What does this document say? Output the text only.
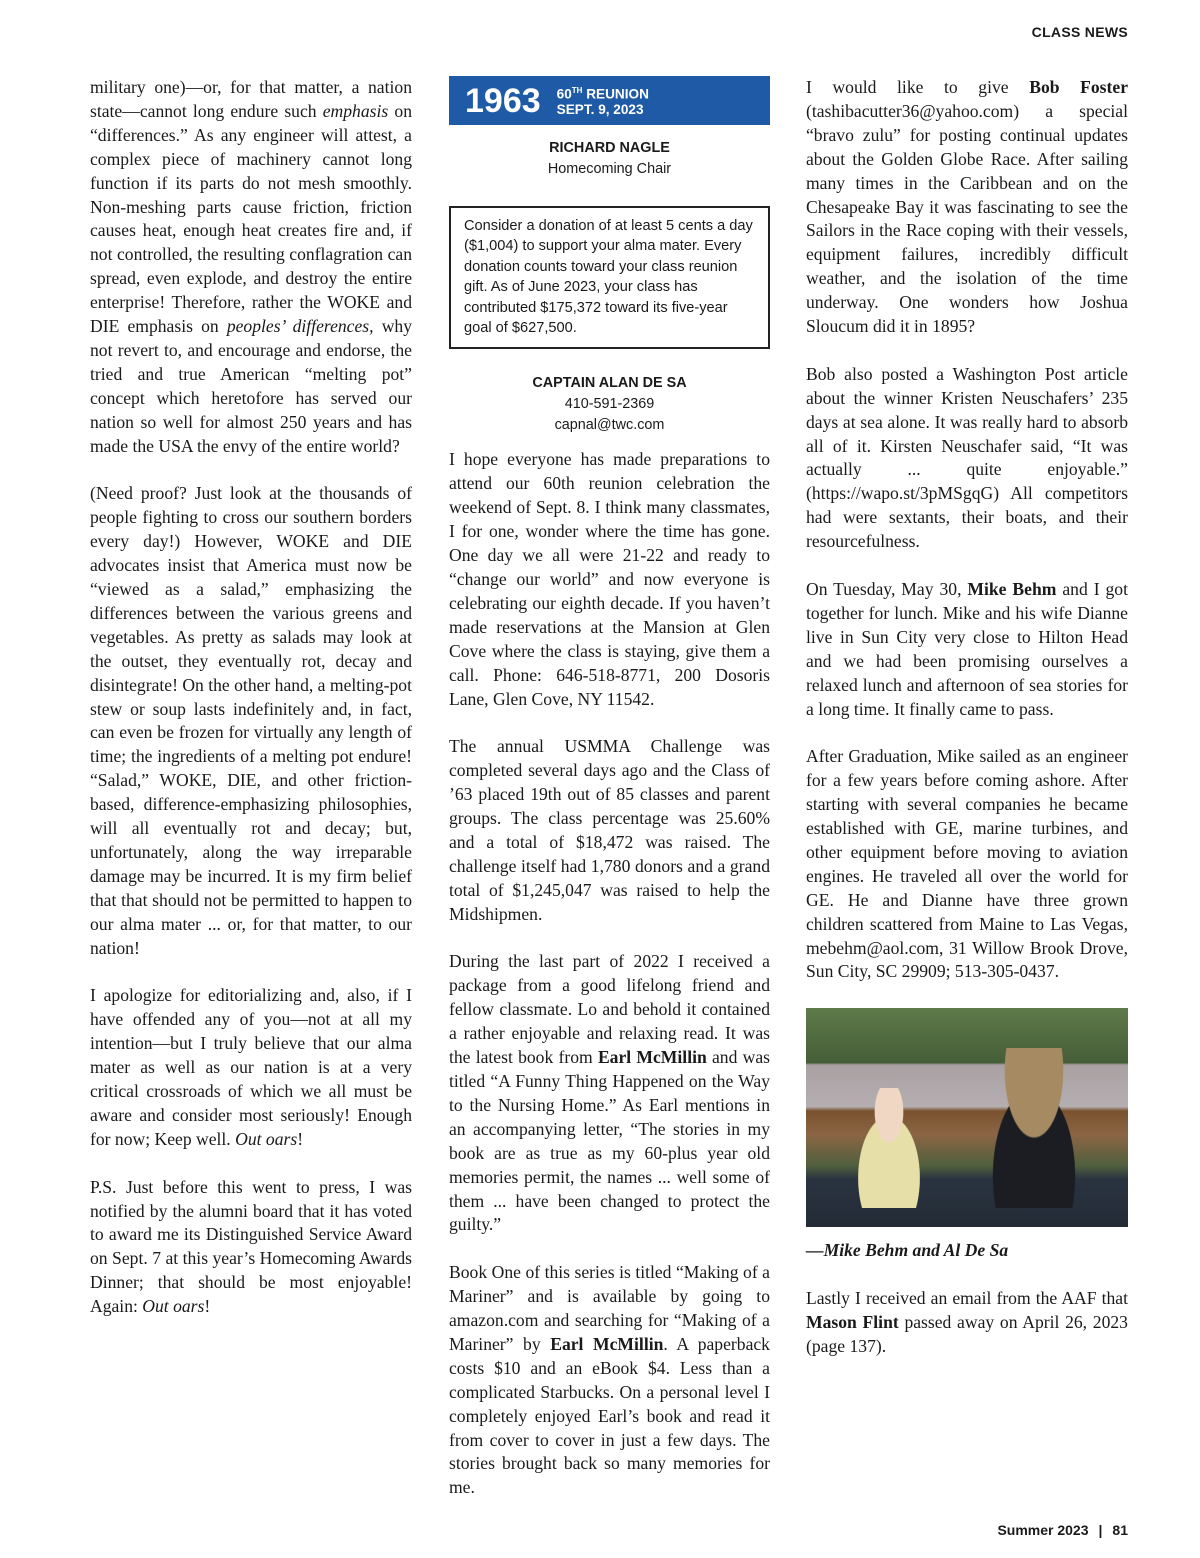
CLASS NEWS

military one)—or, for that matter, a nation state—cannot long endure such emphasis on “differences.” As any engineer will attest, a complex piece of machinery cannot long function if its parts do not mesh smoothly. Non-meshing parts cause friction, friction causes heat, enough heat creates fire and, if not controlled, the resulting conflagration can spread, even explode, and destroy the entire enterprise! Therefore, rather the WOKE and DIE emphasis on peoples’ differences, why not revert to, and encourage and endorse, the tried and true American “melting pot” concept which heretofore has served our nation so well for almost 250 years and has made the USA the envy of the entire world?

(Need proof? Just look at the thousands of people fighting to cross our southern borders every day!) However, WOKE and DIE advocates insist that America must now be “viewed as a salad,” emphasizing the differences between the various greens and vegetables. As pretty as salads may look at the outset, they eventually rot, decay and disintegrate! On the other hand, a melting-pot stew or soup lasts indefinitely and, in fact, can even be frozen for virtually any length of time; the ingredients of a melting pot endure! “Salad,” WOKE, DIE, and other friction-based, difference-emphasizing philosophies, will all eventually rot and decay; but, unfortunately, along the way irreparable damage may be incurred. It is my firm belief that that should not be permitted to happen to our alma mater ... or, for that matter, to our nation!

I apologize for editorializing and, also, if I have offended any of you—not at all my intention—but I truly believe that our alma mater as well as our nation is at a very critical crossroads of which we all must be aware and consider most seriously! Enough for now; Keep well. Out oars!

P.S. Just before this went to press, I was notified by the alumni board that it has voted to award me its Distinguished Service Award on Sept. 7 at this year’s Homecoming Awards Dinner; that should be most enjoyable! Again: Out oars!

1963 60TH REUNION
SEPT. 9, 2023
RICHARD NAGLE
Homecoming Chair
Consider a donation of at least 5 cents a day ($1,004) to support your alma mater. Every donation counts toward your class reunion gift. As of June 2023, your class has contributed $175,372 toward its five-year goal of $627,500.
CAPTAIN ALAN DE SA
410-591-2369
capnal@twc.com

I hope everyone has made preparations to attend our 60th reunion celebration the weekend of Sept. 8. I think many classmates, I for one, wonder where the time has gone. One day we all were 21-22 and ready to “change our world” and now everyone is celebrating our eighth decade. If you haven’t made reservations at the Mansion at Glen Cove where the class is staying, give them a call. Phone: 646-518-8771, 200 Dosoris Lane, Glen Cove, NY 11542.

The annual USMMA Challenge was completed several days ago and the Class of ’63 placed 19th out of 85 classes and parent groups. The class percentage was 25.60% and a total of $18,472 was raised. The challenge itself had 1,780 donors and a grand total of $1,245,047 was raised to help the Midshipmen.

During the last part of 2022 I received a package from a good lifelong friend and fellow classmate. Lo and behold it contained a rather enjoyable and relaxing read. It was the latest book from Earl McMillin and was titled “A Funny Thing Happened on the Way to the Nursing Home.” As Earl mentions in an accompanying letter, “The stories in my book are as true as my 60-plus year old memories permit, the names ... well some of them ... have been changed to protect the guilty.”

Book One of this series is titled “Making of a Mariner” and is available by going to amazon.com and searching for “Making of a Mariner” by Earl McMillin. A paperback costs $10 and an eBook $4. Less than a complicated Starbucks. On a personal level I completely enjoyed Earl’s book and read it from cover to cover in just a few days. The stories brought back so many memories for me.

I would like to give Bob Foster (tashibacutter36@yahoo.com) a special “bravo zulu” for posting continual updates about the Golden Globe Race. After sailing many times in the Caribbean and on the Chesapeake Bay it was fascinating to see the Sailors in the Race coping with their vessels, equipment failures, incredibly difficult weather, and the isolation of the time underway. One wonders how Joshua Sloucum did it in 1895?

Bob also posted a Washington Post article about the winner Kristen Neuschafers’ 235 days at sea alone. It was really hard to absorb all of it. Kirsten Neuschafer said, “It was actually ... quite enjoyable.” (https://wapo.st/3pMSgqG) All competitors had were sextants, their boats, and their resourcefulness.

On Tuesday, May 30, Mike Behm and I got together for lunch. Mike and his wife Dianne live in Sun City very close to Hilton Head and we had been promising ourselves a relaxed lunch and afternoon of sea stories for a long time. It finally came to pass.

After Graduation, Mike sailed as an engineer for a few years before coming ashore. After starting with several companies he became established with GE, marine turbines, and other equipment before moving to aviation engines. He traveled all over the world for GE. He and Dianne have three grown children scattered from Maine to Las Vegas, mebehm@aol.com, 31 Willow Brook Drove, Sun City, SC 29909; 513-305-0437.

—Mike Behm and Al De Sa

Lastly I received an email from the AAF that Mason Flint passed away on April 26, 2023 (page 137).

Summer 2023 | 81
